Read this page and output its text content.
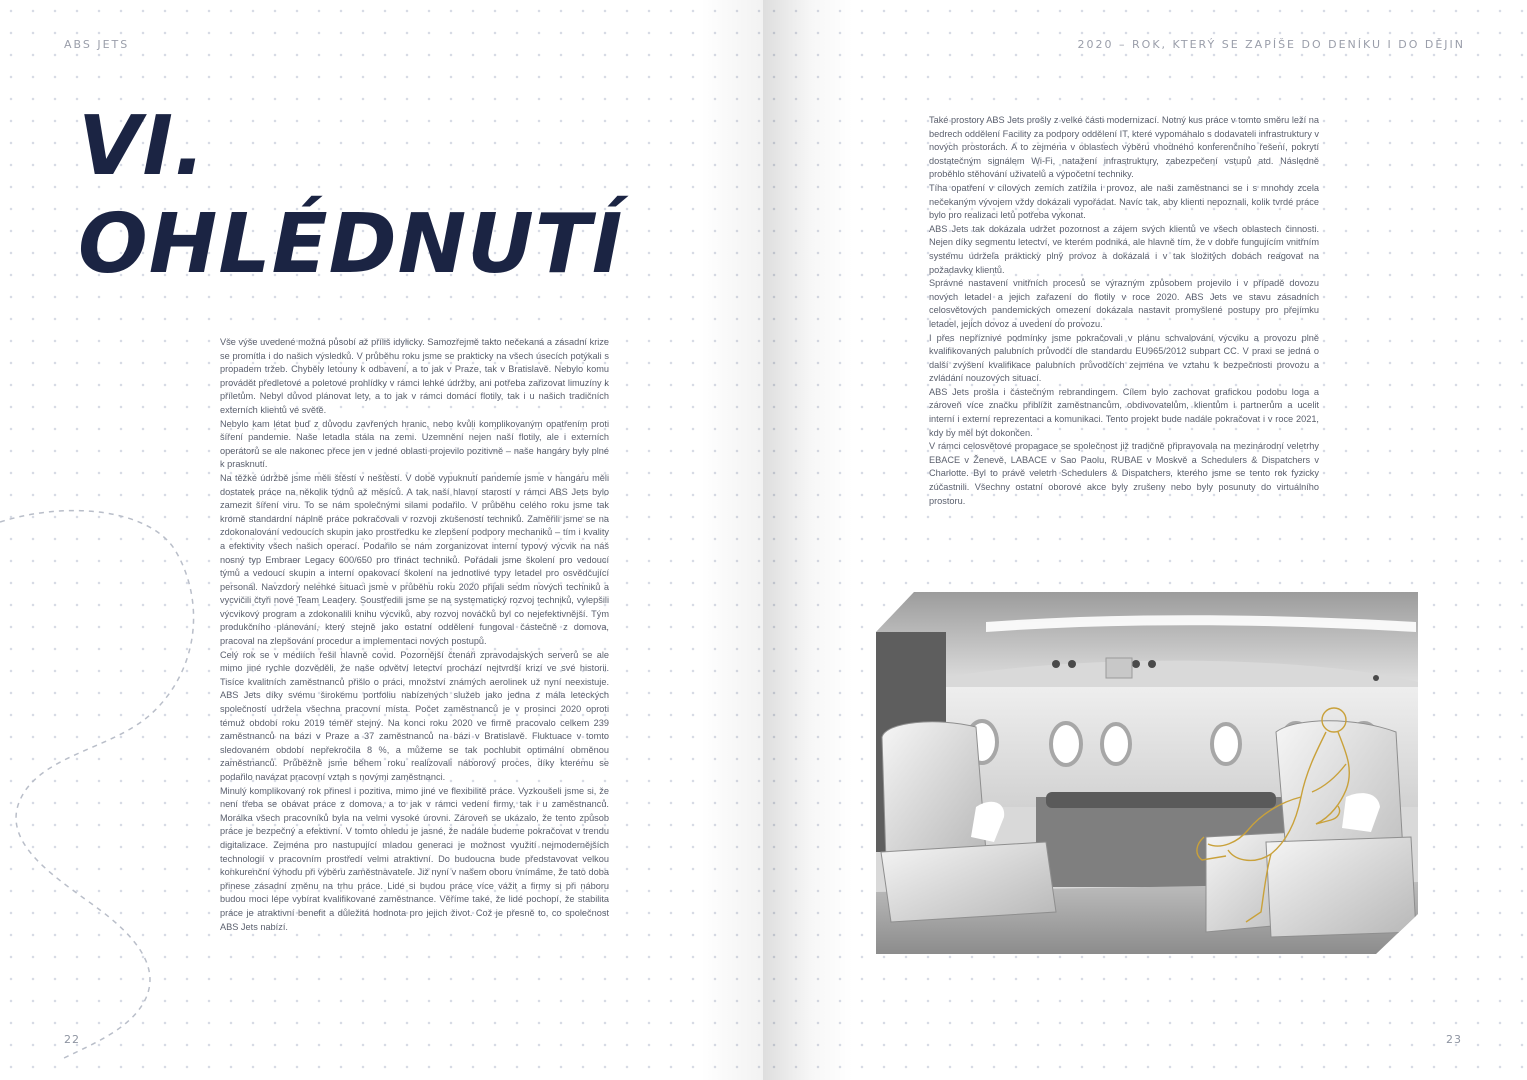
ABS JETS
VI.
OHLÉDNUTÍ

Vše výše uvedené možná působí až příliš idylicky. Samozřejmě takto nečekaná a zásadní krize se promítla i do našich výsledků. V průběhu roku jsme se prakticky na všech úsecích potýkali s propadem tržeb. Chyběly letouny k odbavení, a to jak v Praze, tak v Bratislavě. Nebylo komu provádět předletové a poletové prohlídky v rámci lehké údržby, ani potřeba zařizovat limuzíny k příletům. Nebyl důvod plánovat lety, a to jak v rámci domácí flotily, tak i u našich tradičních externích klientů ve světě.

Nebylo kam létat buď z důvodu zavřených hranic, nebo kvůli komplikovaným opatřením proti šíření pandemie. Naše letadla stála na zemi. Uzemnění nejen naší flotily, ale i externích operátorů se ale nakonec přece jen v jedné oblasti projevilo pozitivně – naše hangáry byly plné k prasknutí.

Na těžké údržbě jsme měli štěstí v neštěstí. V době vypuknutí pandemie jsme v hangáru měli dostatek práce na několik týdnů až měsíců. A tak naší hlavní starostí v rámci ABS Jets bylo zamezit šíření viru. To se nám společnými silami podařilo. V průběhu celého roku jsme tak kromě standardní náplně práce pokračovali v rozvoji zkušeností techniků. Zaměřili jsme se na zdokonalování vedoucích skupin jako prostředku ke zlepšení podpory mechaniků – tím i kvality a efektivity všech našich operací. Podařilo se nám zorganizovat interní typový výcvik na náš nosný typ Embraer Legacy 600/650 pro třináct techniků. Pořádali jsme školení pro vedoucí týmů a vedoucí skupin a interní opakovací školení na jednotlivé typy letadel pro osvědčující personál. Navzdory nelehké situaci jsme v průběhu roku 2020 přijali sedm nových techniků a vycvičili čtyři nové Team Leadery. Soustředili jsme se na systematický rozvoj techniků, vylepšili výcvikový program a zdokonalili knihu výcviků, aby rozvoj nováčků byl co nejefektivnější. Tým produkčního plánování, který stejně jako ostatní oddělení fungoval částečně z domova, pracoval na zlepšování procedur a implementaci nových postupů.

Celý rok se v médiích řešil hlavně covid. Pozornější čtenáři zpravodajských serverů se ale mimo jiné rychle dozvěděli, že naše odvětví letectví prochází nejtvrdší krizí ve své historii. Tisíce kvalitních zaměstnanců přišlo o práci, množství známých aerolinek už nyní neexistuje. ABS Jets díky svému širokému portfoliu nabízených služeb jako jedna z mála leteckých společností udržela všechna pracovní místa. Počet zaměstnanců je v prosinci 2020 oproti témuž období roku 2019 téměř stejný. Na konci roku 2020 ve firmě pracovalo celkem 239 zaměstnanců na bázi v Praze a 37 zaměstnanců na bázi v Bratislavě. Fluktuace v tomto sledovaném období nepřekročila 8 %, a můžeme se tak pochlubit optimální obměnou zaměstnanců. Průběžně jsme během roku realizovali náborový proces, díky kterému se podařilo navázat pracovní vztah s novými zaměstnanci.

Minulý komplikovaný rok přinesl i pozitiva, mimo jiné ve flexibilitě práce. Vyzkoušeli jsme si, že není třeba se obávat práce z domova, a to jak v rámci vedení firmy, tak i u zaměstnanců. Morálka všech pracovníků byla na velmi vysoké úrovni. Zároveň se ukázalo, že tento způsob práce je bezpečný a efektivní. V tomto ohledu je jasné, že nadále budeme pokračovat v trendu digitalizace. Zejména pro nastupující mladou generaci je možnost využití nejmodernějších technologií v pracovním prostředí velmi atraktivní. Do budoucna bude představovat velkou konkurenční výhodu při výběru zaměstnavatele. Již nyní v našem oboru vnímáme, že tato doba přinese zásadní změnu na trhu práce. Lidé si budou práce více vážit a firmy si při náboru budou moci lépe vybírat kvalifikované zaměstnance. Věříme také, že lidé pochopí, že stabilita práce je atraktivní benefit a důležitá hodnota pro jejich život. Což je přesně to, co společnost ABS Jets nabízí.

22
2020 – ROK, KTERÝ SE ZAPÍŠE DO DENÍKU I DO DĚJIN
23

Také prostory ABS Jets prošly z velké části modernizací. Notný kus práce v tomto směru leží na bedrech oddělení Facility za podpory oddělení IT, které vypomáhalo s dodavateli infrastruktury v nových prostorách. A to zejména v oblastech výběru vhodného konferenčního řešení, pokrytí dostatečným signálem Wi-Fi, natažení infrastruktury, zabezpečení vstupů atd. Následně proběhlo stěhování uživatelů a výpočetní techniky.

Tíha opatření v cílových zemích zatížila i provoz, ale naši zaměstnanci se i s mnohdy zcela nečekaným vývojem vždy dokázali vypořádat. Navíc tak, aby klienti nepoznali, kolik tvrdé práce bylo pro realizaci letů potřeba vykonat.

ABS Jets tak dokázala udržet pozornost a zájem svých klientů ve všech oblastech činnosti. Nejen díky segmentu letectví, ve kterém podniká, ale hlavně tím, že v dobře fungujícím vnitřním systému udržela prakticky plný provoz a dokázala i v tak složitých dobách reagovat na požadavky klientů.

Správné nastavení vnitřních procesů se výrazným způsobem projevilo i v případě dovozu nových letadel a jejich zařazení do flotily v roce 2020. ABS Jets ve stavu zásadních celosvětových pandemických omezení dokázala nastavit promyšlené postupy pro přejímku letadel, jejich dovoz a uvedení do provozu.

I přes nepříznivé podmínky jsme pokračovali v plánu schvalování výcviku a provozu plně kvalifikovaných palubních průvodčí dle standardu EU965/2012 subpart CC. V praxi se jedná o další zvýšení kvalifikace palubních průvodčích zejména ve vztahu k bezpečnosti provozu a zvládání nouzových situací.

ABS Jets prošla i částečným rebrandingem. Cílem bylo zachovat grafickou podobu loga a zároveň více značku přiblížit zaměstnancům, obdivovatelům, klientům i partnerům a ucelit interní i externí reprezentaci a komunikaci. Tento projekt bude nadále pokračovat i v roce 2021, kdy by měl být dokončen.

V rámci celosvětové propagace se společnost již tradičně připravovala na mezinárodní veletrhy EBACE v Ženevě, LABACE v Sao Paolu, RUBAE v Moskvě a Schedulers & Dispatchers v Charlotte. Byl to právě veletrh Schedulers & Dispatchers, kterého jsme se tento rok fyzicky zúčastnili. Všechny ostatní oborové akce byly zrušeny nebo byly posunuty do virtuálního prostoru.
